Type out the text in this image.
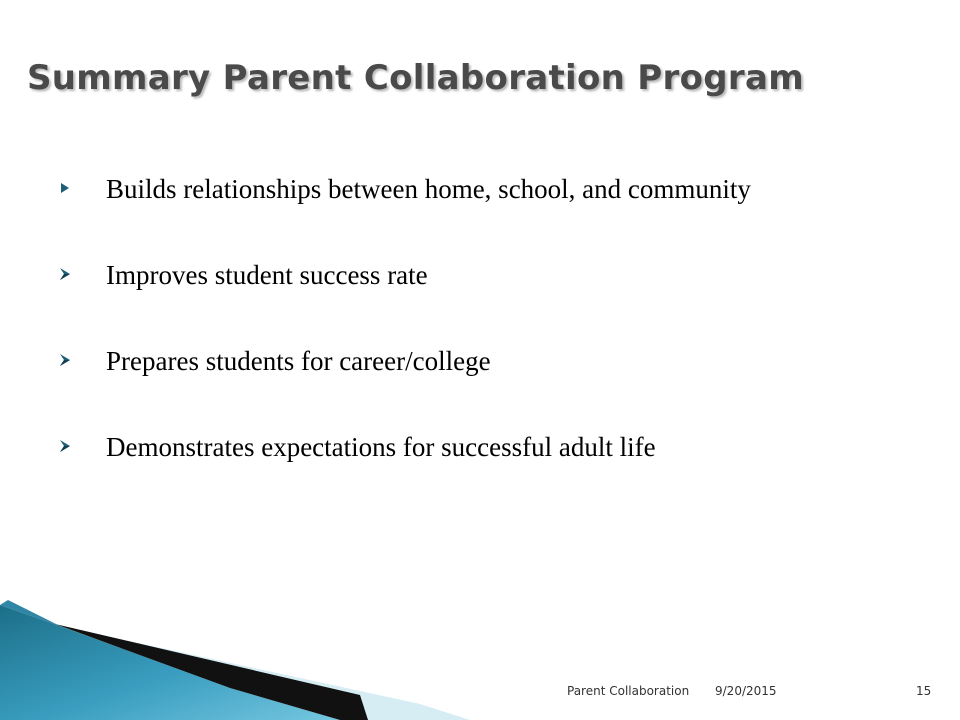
Summary Parent Collaboration Program
Builds relationships between home, school, and community
Improves student success rate
Prepares students for career/college
Demonstrates expectations for successful adult life
Parent Collaboration 9/20/2015	15
